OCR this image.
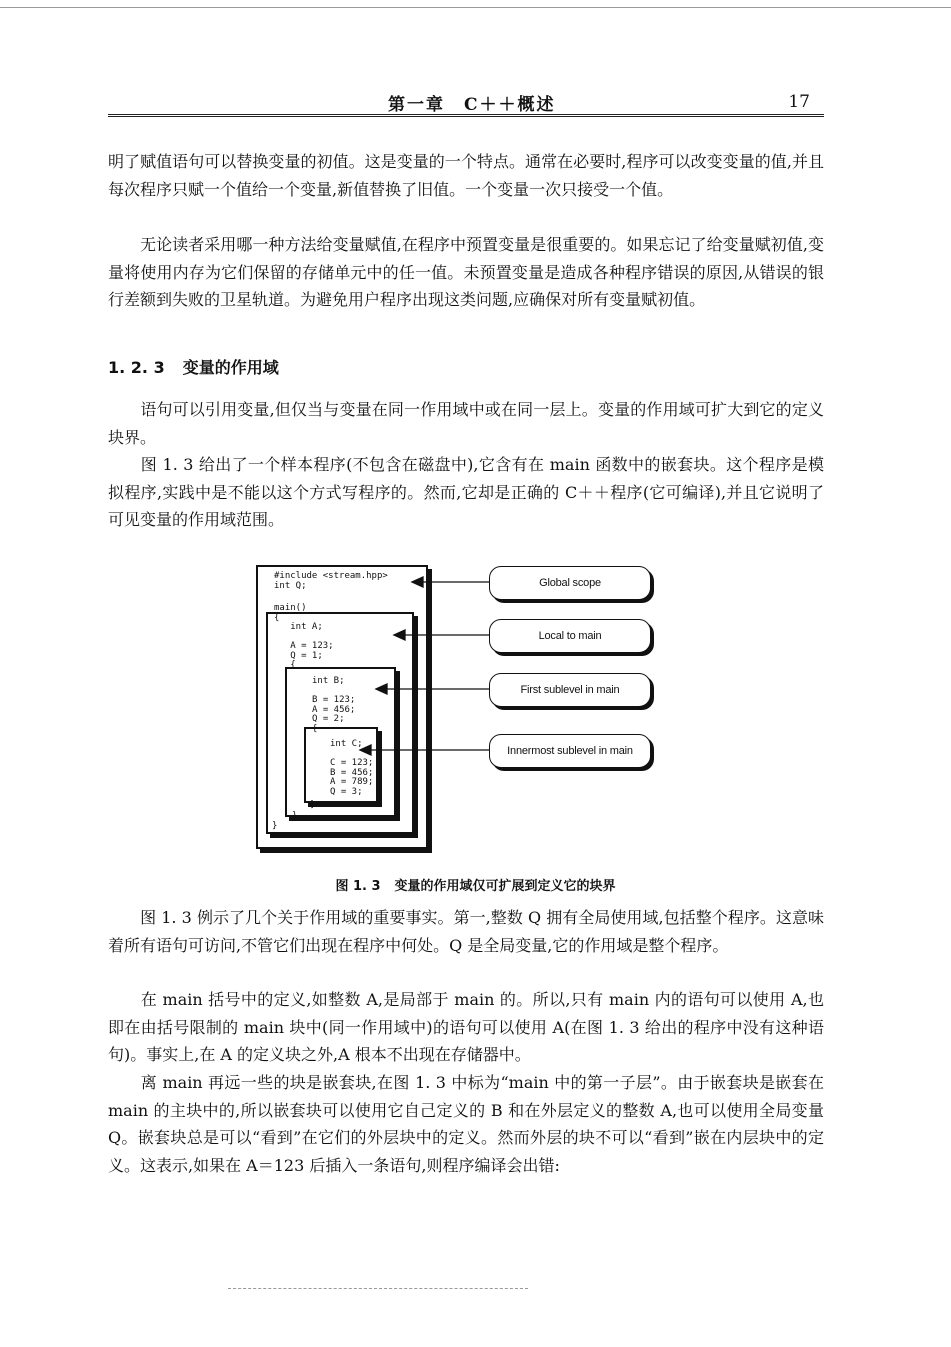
第一章　C＋＋概述	17

明了赋值语句可以替换变量的初值。这是变量的一个特点。通常在必要时,程序可以改变变量的值,并且每次程序只赋一个值给一个变量,新值替换了旧值。一个变量一次只接受一个值。

　　无论读者采用哪一种方法给变量赋值,在程序中预置变量是很重要的。如果忘记了给变量赋初值,变量将使用内存为它们保留的存储单元中的任一值。未预置变量是造成各种程序错误的原因,从错误的银行差额到失败的卫星轨道。为避免用户程序出现这类问题,应确保对所有变量赋初值。

1. 2. 3 变量的作用域

　　语句可以引用变量,但仅当与变量在同一作用域中或在同一层上。变量的作用域可扩大到它的定义块界。

　　图 1. 3 给出了一个样本程序(不包含在磁盘中),它含有在 main 函数中的嵌套块。这个程序是模拟程序,实践中是不能以这个方式写程序的。然而,它却是正确的 C＋＋程序(它可编译),并且它说明了可见变量的作用域范围。

#include <stream.hpp>
int Q;
main()
{
int A;

A = 123;
Q = 1;
{
int B;

B = 123;
A = 456;
Q = 2;
{
int C;

C = 123;
B = 456;
A = 789;
Q = 3;
}
}
}
Global scope
Local to main
First sublevel in main
Innermost sublevel in main
图 1. 3 变量的作用域仅可扩展到定义它的块界

　　图 1. 3 例示了几个关于作用域的重要事实。第一,整数 Q 拥有全局使用域,包括整个程序。这意味着所有语句可访问,不管它们出现在程序中何处。Q 是全局变量,它的作用域是整个程序。

　　在 main 括号中的定义,如整数 A,是局部于 main 的。所以,只有 main 内的语句可以使用 A,也即在由括号限制的 main 块中(同一作用域中)的语句可以使用 A(在图 1. 3 给出的程序中没有这种语句)。事实上,在 A 的定义块之外,A 根本不出现在存储器中。

　　离 main 再远一些的块是嵌套块,在图 1. 3 中标为“main 中的第一子层”。由于嵌套块是嵌套在 main 的主块中的,所以嵌套块可以使用它自己定义的 B 和在外层定义的整数 A,也可以使用全局变量 Q。嵌套块总是可以“看到”在它们的外层块中的定义。然而外层的块不可以“看到”嵌在内层块中的定义。这表示,如果在 A＝123 后插入一条语句,则程序编译会出错:
